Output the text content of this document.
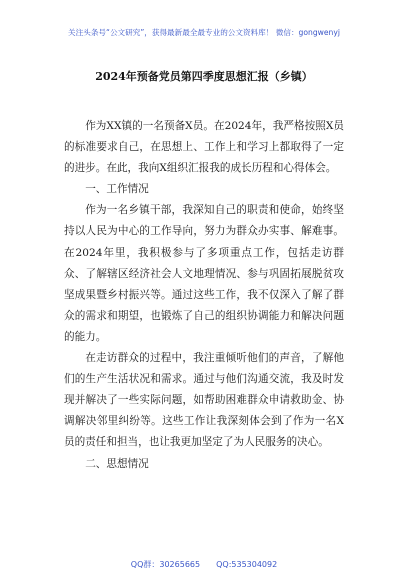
关注头条号“公文研究”，获得最新最全最专业的公文资料库！ 微信：gongwenyj
2024年预备党员第四季度思想汇报（乡镇）

作为XX镇的一名预备X员。在2024年，我严格按照X员的标准要求自己，在思想上、工作上和学习上都取得了一定的进步。在此，我向X组织汇报我的成长历程和心得体会。

一、工作情况

作为一名乡镇干部，我深知自己的职责和使命，始终坚持以人民为中心的工作导向，努力为群众办实事、解难事。在2024年里，我积极参与了多项重点工作，包括走访群众、了解辖区经济社会人文地理情况、参与巩固拓展脱贫攻坚成果暨乡村振兴等。通过这些工作，我不仅深入了解了群众的需求和期望，也锻炼了自己的组织协调能力和解决问题的能力。

在走访群众的过程中，我注重倾听他们的声音，了解他们的生产生活状况和需求。通过与他们沟通交流，我及时发现并解决了一些实际问题，如帮助困难群众申请救助金、协调解决邻里纠纷等。这些工作让我深刻体会到了作为一名X员的责任和担当，也让我更加坚定了为人民服务的决心。

二、思想情况

QQ群：30265665 QQ:535304092
